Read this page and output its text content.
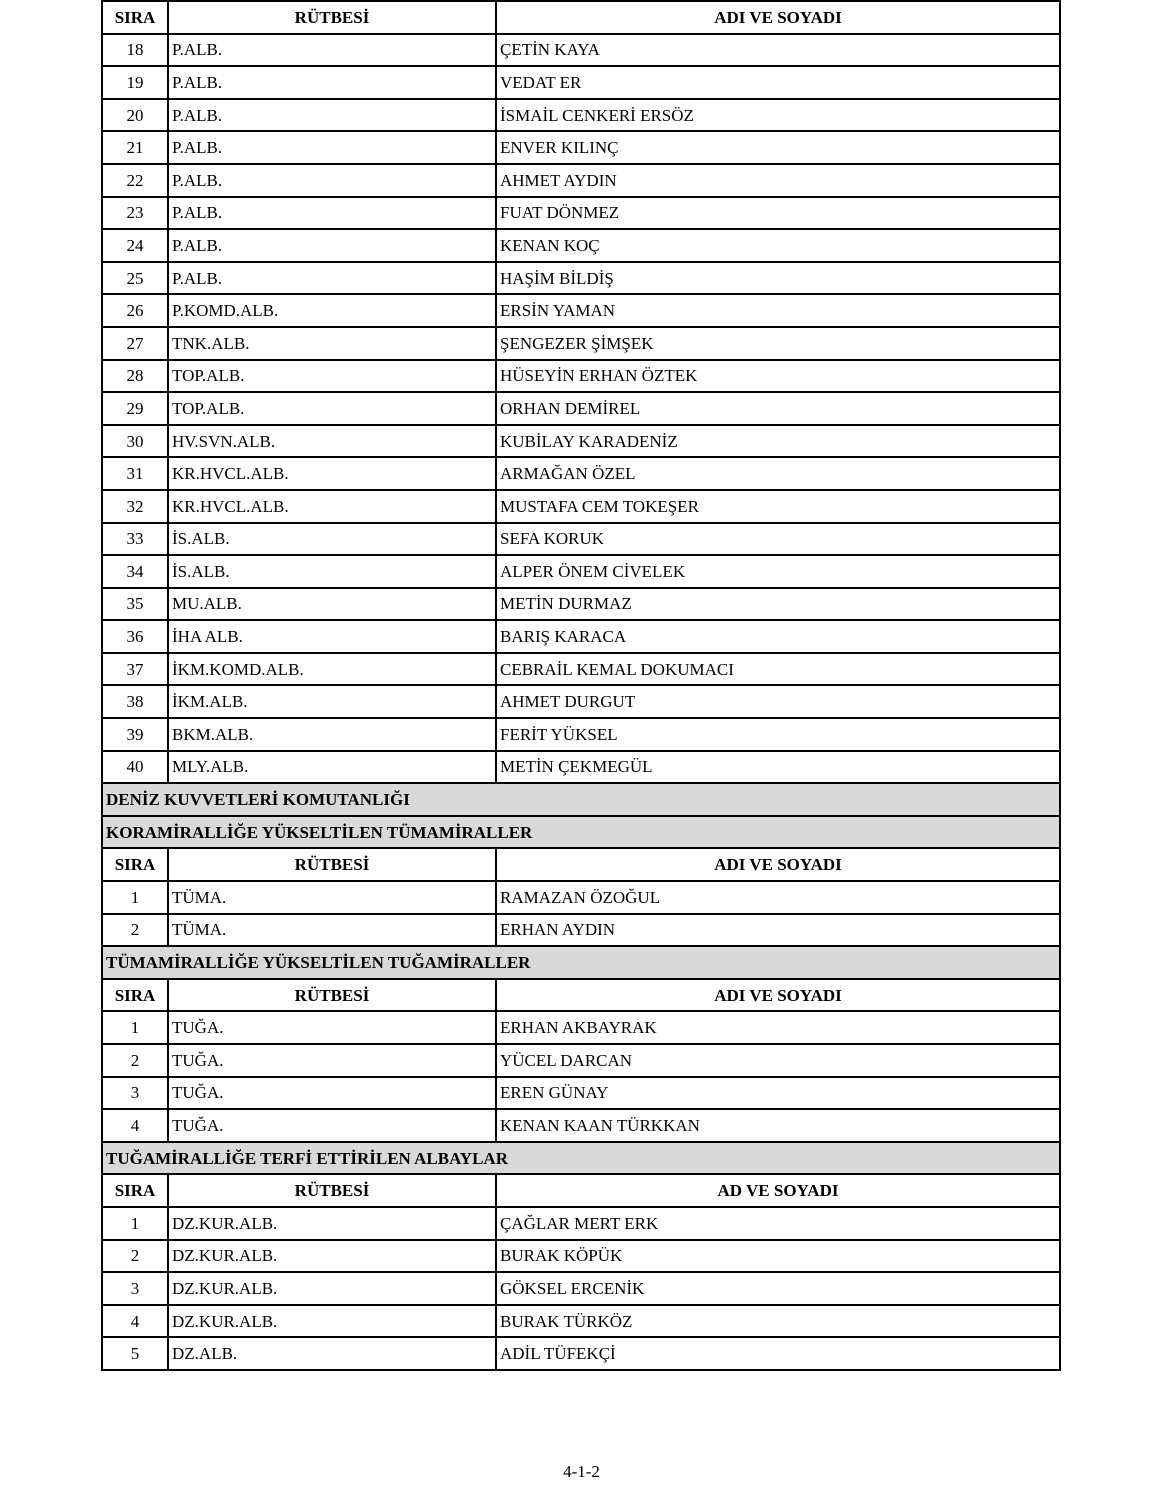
SIRA	RÜTBESİ	ADI VE SOYADI
18	P.ALB.	ÇETİN KAYA
19	P.ALB.	VEDAT ER
20	P.ALB.	İSMAİL CENKERİ ERSÖZ
21	P.ALB.	ENVER KILINÇ
22	P.ALB.	AHMET AYDIN
23	P.ALB.	FUAT DÖNMEZ
24	P.ALB.	KENAN KOÇ
25	P.ALB.	HAŞİM BİLDİŞ
26	P.KOMD.ALB.	ERSİN YAMAN
27	TNK.ALB.	ŞENGEZER ŞİMŞEK
28	TOP.ALB.	HÜSEYİN ERHAN ÖZTEK
29	TOP.ALB.	ORHAN DEMİREL
30	HV.SVN.ALB.	KUBİLAY KARADENİZ
31	KR.HVCL.ALB.	ARMAĞAN ÖZEL
32	KR.HVCL.ALB.	MUSTAFA CEM TOKEŞER
33	İS.ALB.	SEFA KORUK
34	İS.ALB.	ALPER ÖNEM CİVELEK
35	MU.ALB.	METİN DURMAZ
36	İHA ALB.	BARIŞ KARACA
37	İKM.KOMD.ALB.	CEBRAİL KEMAL DOKUMACI
38	İKM.ALB.	AHMET DURGUT
39	BKM.ALB.	FERİT YÜKSEL
40	MLY.ALB.	METİN ÇEKMEGÜL
DENİZ KUVVETLERİ KOMUTANLIĞI		
KORAMİRALLİĞE YÜKSELTİLEN TÜMAMİRALLER		
SIRA	RÜTBESİ	ADI VE SOYADI
1	TÜMA.	RAMAZAN ÖZOĞUL
2	TÜMA.	ERHAN AYDIN
TÜMAMİRALLİĞE YÜKSELTİLEN TUĞAMİRALLER		
SIRA	RÜTBESİ	ADI VE SOYADI
1	TUĞA.	ERHAN AKBAYRAK
2	TUĞA.	YÜCEL DARCAN
3	TUĞA.	EREN GÜNAY
4	TUĞA.	KENAN KAAN TÜRKKAN
TUĞAMİRALLİĞE TERFİ ETTİRİLEN ALBAYLAR		
SIRA	RÜTBESİ	AD VE SOYADI
1	DZ.KUR.ALB.	ÇAĞLAR MERT ERK
2	DZ.KUR.ALB.	BURAK KÖPÜK
3	DZ.KUR.ALB.	GÖKSEL ERCENİK
4	DZ.KUR.ALB.	BURAK TÜRKÖZ
5	DZ.ALB.	ADİL TÜFEKÇİ
4-1-2
